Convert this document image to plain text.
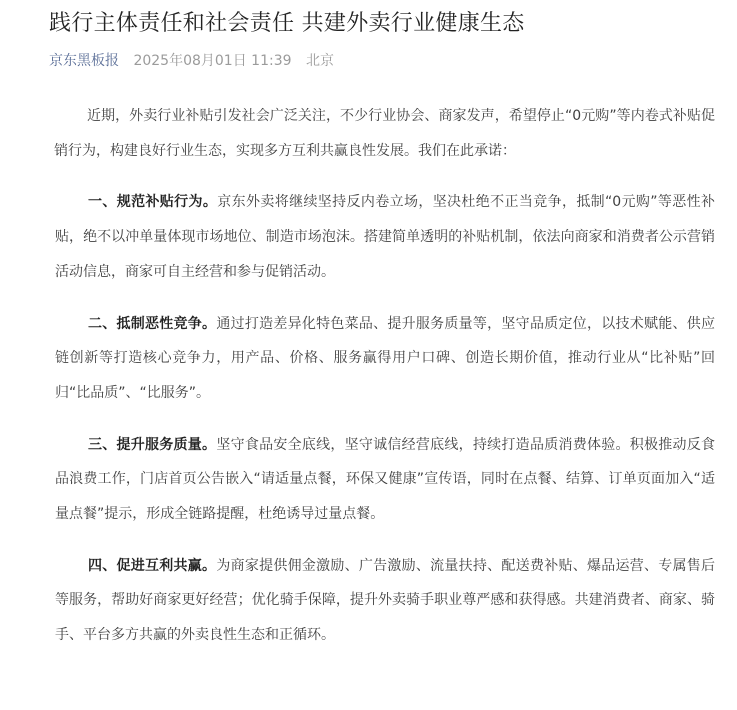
践行主体责任和社会责任 共建外卖行业健康生态
京东黑板报 2025年08月01日 11:39 北京

近期，外卖行业补贴引发社会广泛关注，不少行业协会、商家发声，希望停止“0元购”等内卷式补贴促销行为，构建良好行业生态，实现多方互利共赢良性发展。我们在此承诺：

一、规范补贴行为。京东外卖将继续坚持反内卷立场，坚决杜绝不正当竞争，抵制“0元购”等恶性补贴，绝不以冲单量体现市场地位、制造市场泡沫。搭建简单透明的补贴机制，依法向商家和消费者公示营销活动信息，商家可自主经营和参与促销活动。

二、抵制恶性竞争。通过打造差异化特色菜品、提升服务质量等，坚守品质定位，以技术赋能、供应链创新等打造核心竞争力，用产品、价格、服务赢得用户口碑、创造长期价值，推动行业从“比补贴”回归“比品质”、“比服务”。

三、提升服务质量。坚守食品安全底线，坚守诚信经营底线，持续打造品质消费体验。积极推动反食品浪费工作，门店首页公告嵌入“请适量点餐，环保又健康”宣传语，同时在点餐、结算、订单页面加入“适量点餐”提示，形成全链路提醒，杜绝诱导过量点餐。

四、促进互利共赢。为商家提供佣金激励、广告激励、流量扶持、配送费补贴、爆品运营、专属售后等服务，帮助好商家更好经营；优化骑手保障，提升外卖骑手职业尊严感和获得感。共建消费者、商家、骑手、平台多方共赢的外卖良性生态和正循环。
